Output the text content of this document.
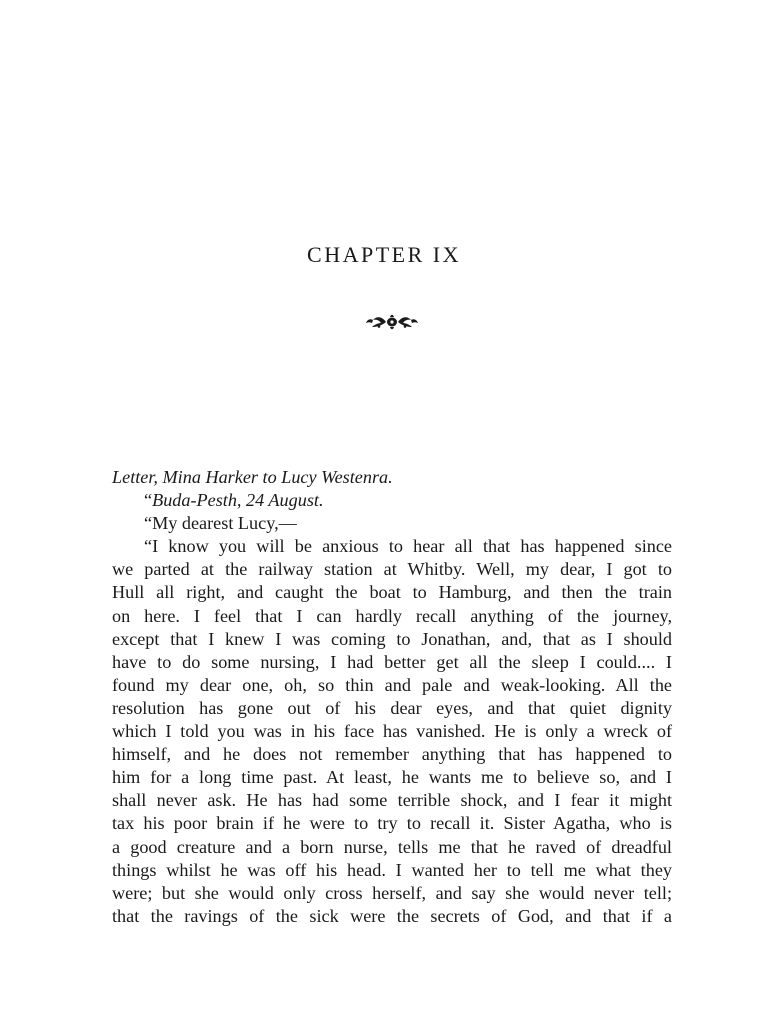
CHAPTER IX

Letter, Mina Harker to Lucy Westenra.

“Buda-Pesth, 24 August.

“My dearest Lucy,—

“I know you will be anxious to hear all that has happened since
we parted at the railway station at Whitby. Well, my dear, I got to
Hull all right, and caught the boat to Hamburg, and then the train
on here. I feel that I can hardly recall anything of the journey,
except that I knew I was coming to Jonathan, and, that as I should
have to do some nursing, I had better get all the sleep I could.... I
found my dear one, oh, so thin and pale and weak-looking. All the
resolution has gone out of his dear eyes, and that quiet dignity
which I told you was in his face has vanished. He is only a wreck of
himself, and he does not remember anything that has happened to
him for a long time past. At least, he wants me to believe so, and I
shall never ask. He has had some terrible shock, and I fear it might
tax his poor brain if he were to try to recall it. Sister Agatha, who is
a good creature and a born nurse, tells me that he raved of dreadful
things whilst he was off his head. I wanted her to tell me what they
were; but she would only cross herself, and say she would never tell;
that the ravings of the sick were the secrets of God, and that if a
